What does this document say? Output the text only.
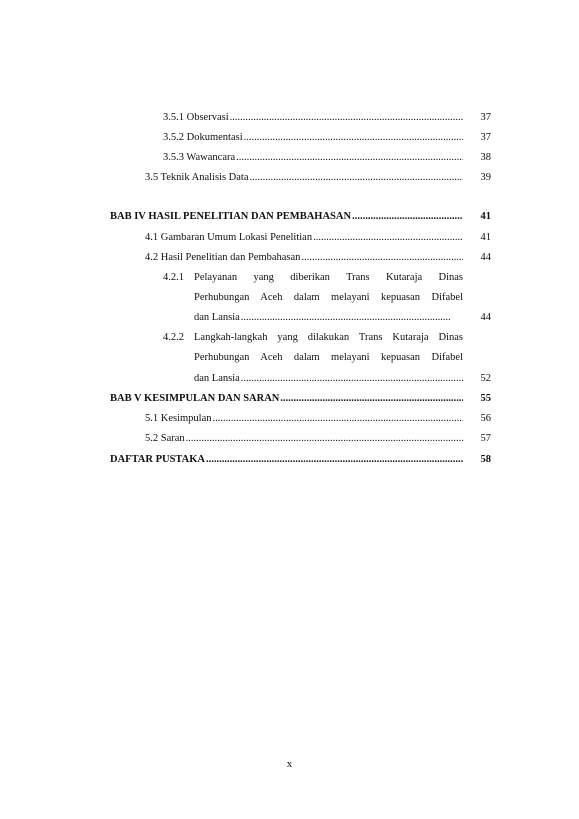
3.5.1 Observasi .....	37
3.5.2 Dokumentasi .....	37
3.5.3 Wawancara .....	38
3.5 Teknik Analisis Data .....	39
BAB IV HASIL PENELITIAN DAN PEMBAHASAN .....	41
4.1 Gambaran Umum Lokasi Penelitian .....	41
4.2 Hasil Penelitian dan Pembahasan .....	44
4.2.1 Pelayanan yang diberikan Trans Kutaraja Dinas
Perhubungan Aceh dalam melayani kepuasan Difabel
dan Lansia .....	44
4.2.2 Langkah-langkah yang dilakukan Trans Kutaraja Dinas
Perhubungan Aceh dalam melayani kepuasan Difabel
dan Lansia .....	52
BAB V KESIMPULAN DAN SARAN .....	55
5.1 Kesimpulan .....	56
5.2 Saran .....	57
DAFTAR PUSTAKA .....	58
x
